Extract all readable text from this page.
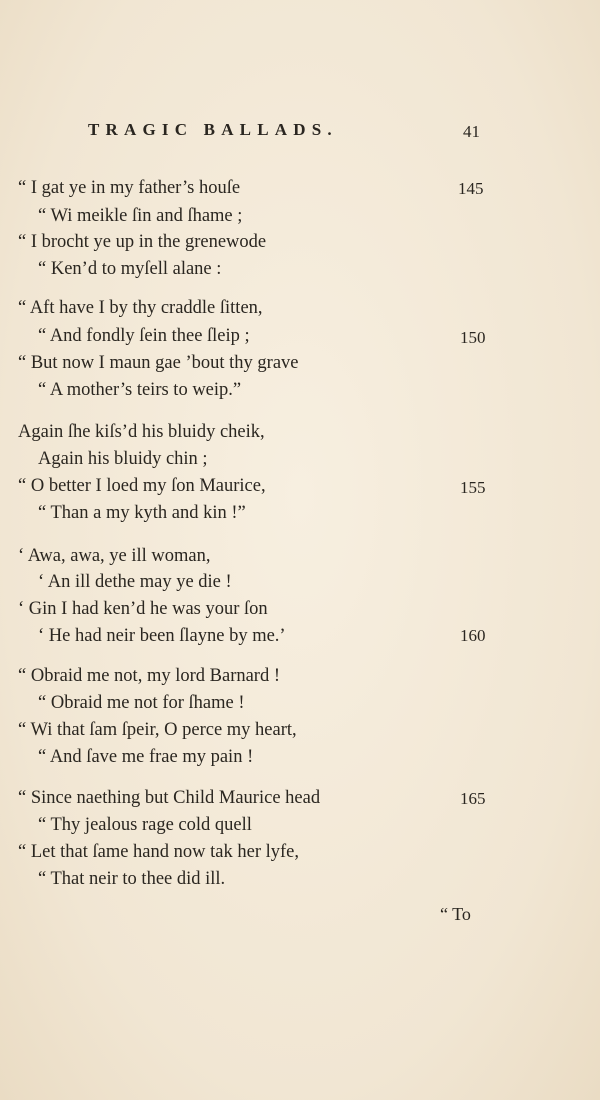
TRAGIC BALLADS.	41
“ I gat ye in my father’s houſe
“ Wi meikle ſin and ſhame ;
“ I brocht ye up in the grenewode
“ Ken’d to myſell alane :
145
“ Aft have I by thy craddle ſitten,
“ And fondly ſein thee ſleip ;
“ But now I maun gae ’bout thy grave
“ A mother’s teirs to weip.”
150
Again ſhe kiſs’d his bluidy cheik,
Again his bluidy chin ;
“ O better I loed my ſon Maurice,
“ Than a my kyth and kin !”
155
‘ Awa, awa, ye ill woman,
‘ An ill dethe may ye die !
‘ Gin I had ken’d he was your ſon
‘ He had neir been ſlayne by me.’	160
“ Obraid me not, my lord Barnard !
“ Obraid me not for ſhame !
“ Wi that ſam ſpeir, O perce my heart,
“ And ſave me frae my pain !
“ Since naething but Child Maurice head
“ Thy jealous rage cold quell
“ Let that ſame hand now tak her lyfe,
“ That neir to thee did ill.
165
“ To
